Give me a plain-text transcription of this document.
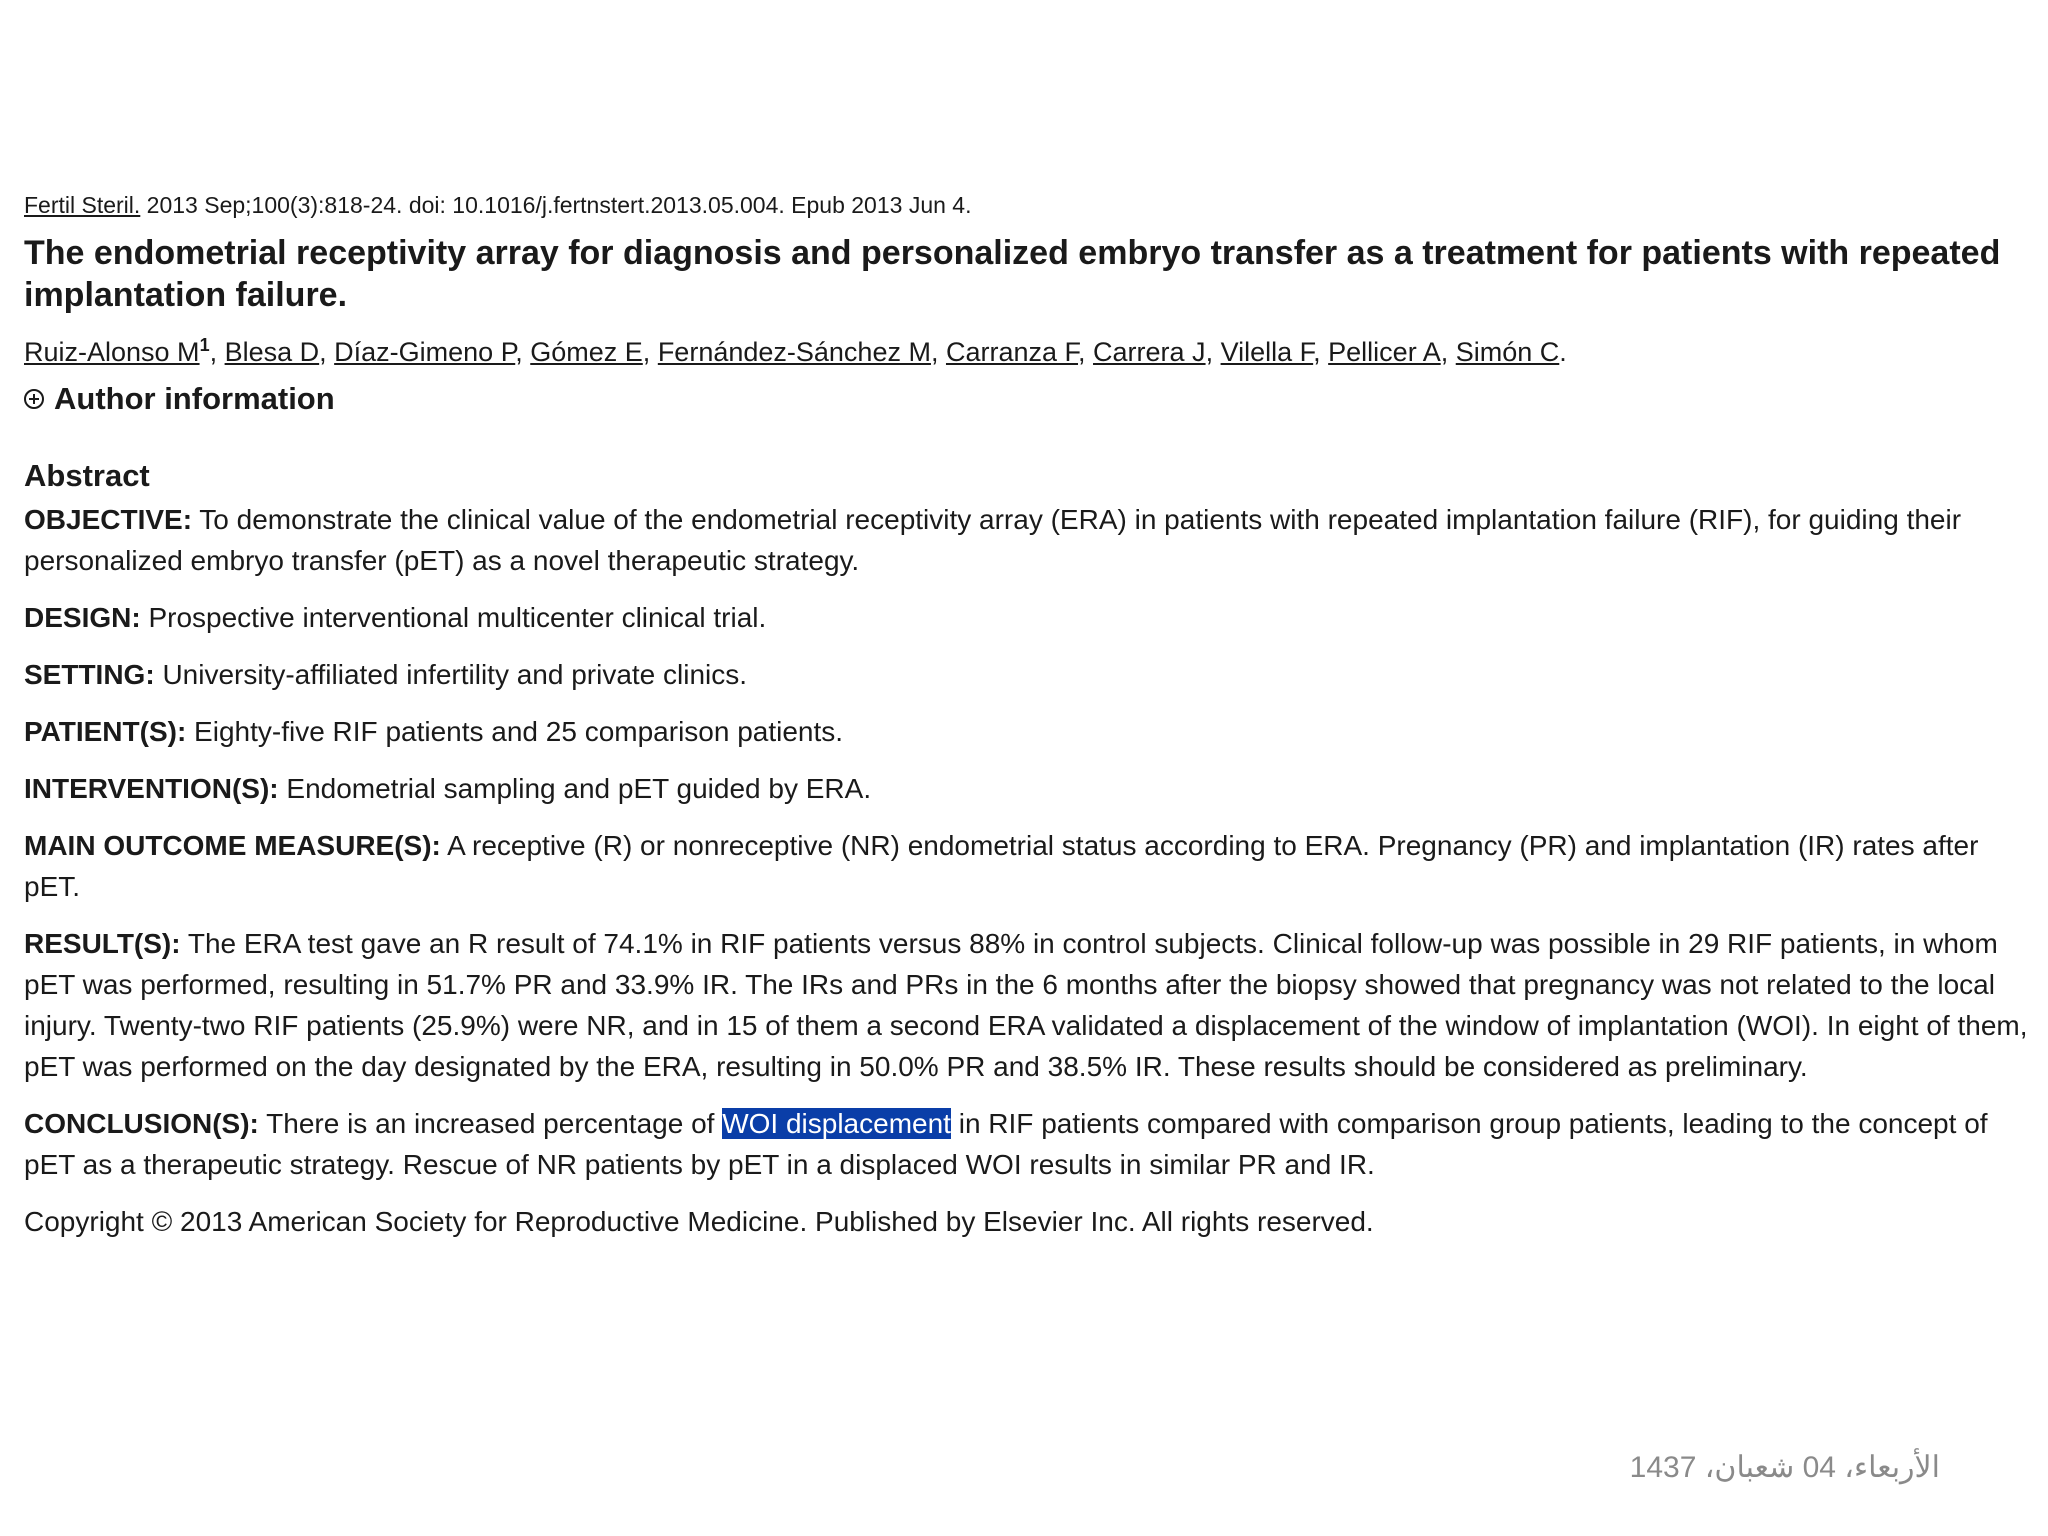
Fertil Steril. 2013 Sep;100(3):818-24. doi: 10.1016/j.fertnstert.2013.05.004. Epub 2013 Jun 4.
The endometrial receptivity array for diagnosis and personalized embryo transfer as a treatment for patients with repeated implantation failure.
Ruiz-Alonso $M^1$, Blesa D, Díaz-Gimeno P, Gómez E, Fernández-Sánchez M, Carranza F, Carrera J, Vilella F, Pellicer A, Simón C.
Author information
Abstract
OBJECTIVE: To demonstrate the clinical value of the endometrial receptivity array (ERA) in patients with repeated implantation failure (RIF), for guiding their personalized embryo transfer (pET) as a novel therapeutic strategy.
DESIGN: Prospective interventional multicenter clinical trial.
SETTING: University-affiliated infertility and private clinics.
PATIENT(S): Eighty-five RIF patients and 25 comparison patients.
INTERVENTION(S): Endometrial sampling and pET guided by ERA.
MAIN OUTCOME MEASURE(S): A receptive (R) or nonreceptive (NR) endometrial status according to ERA. Pregnancy (PR) and implantation (IR) rates after pET.
RESULT(S): The ERA test gave an R result of 74.1% in RIF patients versus 88% in control subjects. Clinical follow-up was possible in 29 RIF patients, in whom pET was performed, resulting in 51.7% PR and 33.9% IR. The IRs and PRs in the 6 months after the biopsy showed that pregnancy was not related to the local injury. Twenty-two RIF patients (25.9%) were NR, and in 15 of them a second ERA validated a displacement of the window of implantation (WOI). In eight of them, pET was performed on the day designated by the ERA, resulting in 50.0% PR and 38.5% IR. These results should be considered as preliminary.
CONCLUSION(S): There is an increased percentage of WOI displacement in RIF patients compared with comparison group patients, leading to the concept of pET as a therapeutic strategy. Rescue of NR patients by pET in a displaced WOI results in similar PR and IR.
Copyright © 2013 American Society for Reproductive Medicine. Published by Elsevier Inc. All rights reserved.
الأربعاء، 04 شعبان، 1437
